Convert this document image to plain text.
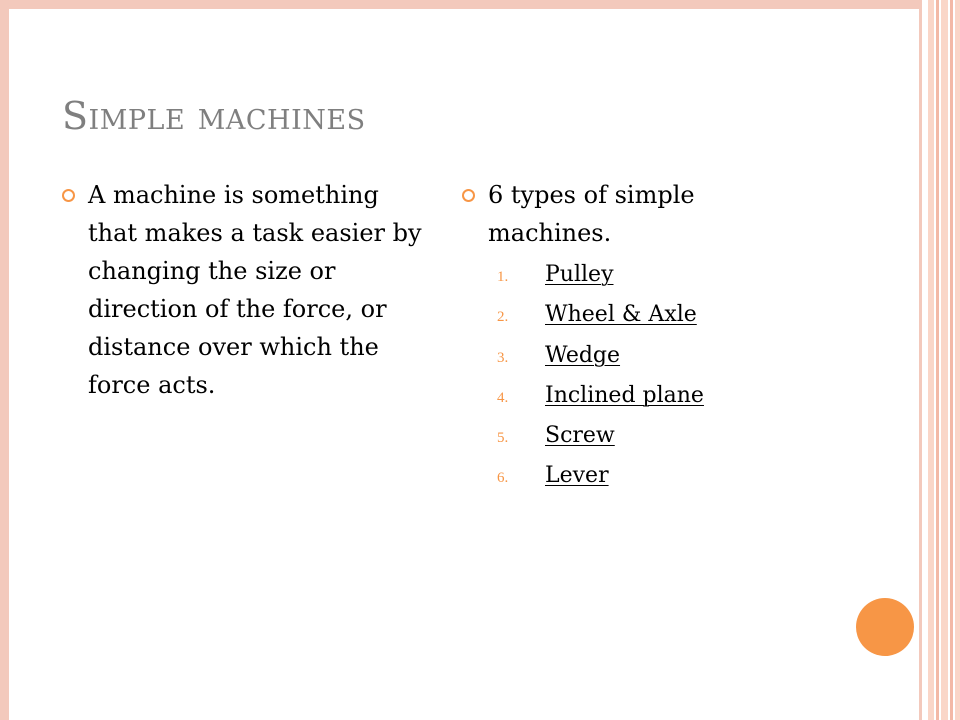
Simple machines

A machine is something that makes a task easier by changing the size or direction of the force, or distance over which the force acts.

6 types of simple machines.

1. Pulley
2. Wheel & Axle
3. Wedge
4. Inclined plane
5. Screw
6. Lever
